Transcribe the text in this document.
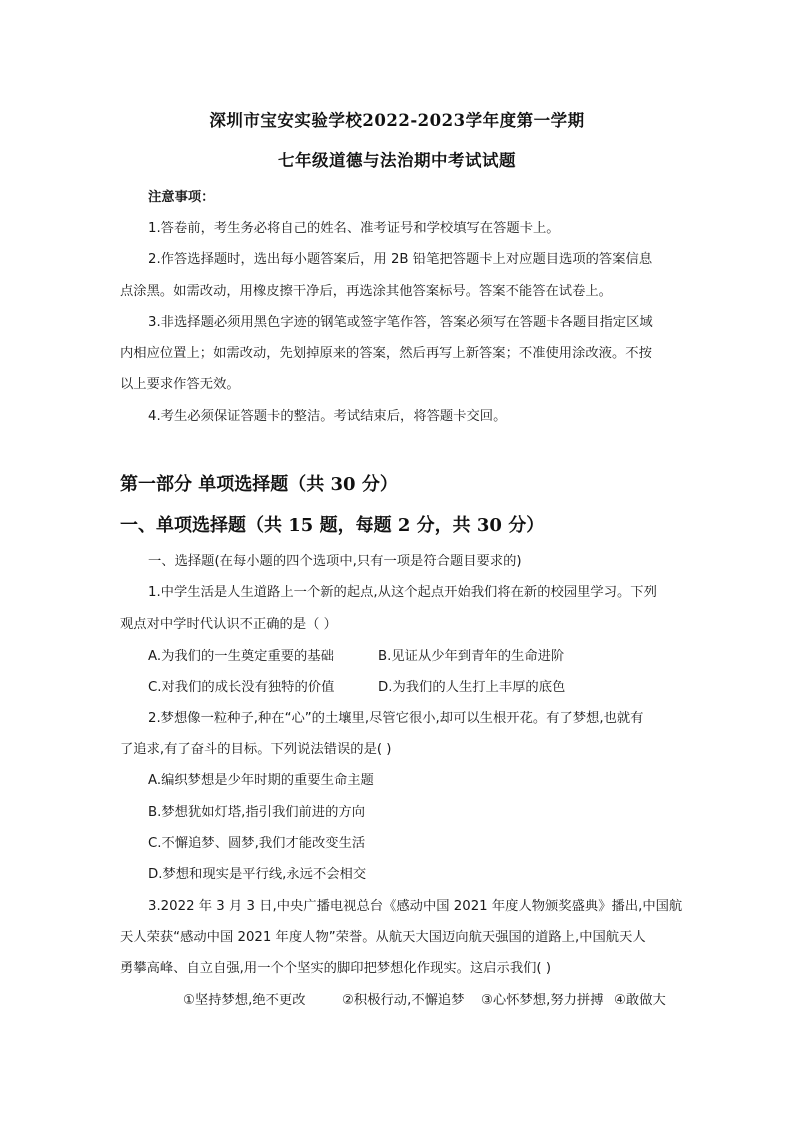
深圳市宝安实验学校2022-2023学年度第一学期
七年级道德与法治期中考试试题
注意事项：
1.答卷前，考生务必将自己的姓名、准考证号和学校填写在答题卡上。
2.作答选择题时，选出每小题答案后，用 2B 铅笔把答题卡上对应题目选项的答案信息
点涂黑。如需改动，用橡皮擦干净后，再选涂其他答案标号。答案不能答在试卷上。
3.非选择题必须用黑色字迹的钢笔或签字笔作答，答案必须写在答题卡各题目指定区域
内相应位置上；如需改动，先划掉原来的答案，然后再写上新答案；不准使用涂改液。不按
以上要求作答无效。
4.考生必须保证答题卡的整洁。考试结束后，将答题卡交回。
第一部分 单项选择题（共 30 分）
一、单项选择题（共 15 题，每题 2 分，共 30 分）
一、选择题(在每小题的四个选项中,只有一项是符合题目要求的)
1.中学生活是人生道路上一个新的起点,从这个起点开始我们将在新的校园里学习。下列
观点对中学时代认识不正确的是（ ）
A.为我们的一生奠定重要的基础	B.见证从少年到青年的生命进阶
C.对我们的成长没有独特的价值	D.为我们的人生打上丰厚的底色
2.梦想像一粒种子,种在“心”的土壤里,尽管它很小,却可以生根开花。有了梦想,也就有
了追求,有了奋斗的目标。下列说法错误的是( )
A.编织梦想是少年时期的重要生命主题
B.梦想犹如灯塔,指引我们前进的方向
C.不懈追梦、圆梦,我们才能改变生活
D.梦想和现实是平行线,永远不会相交
3.2022 年 3 月 3 日,中央广播电视总台《感动中国 2021 年度人物颁奖盛典》播出,中国航
天人荣获“感动中国 2021 年度人物”荣誉。从航天大国迈向航天强国的道路上,中国航天人
勇攀高峰、自立自强,用一个个坚实的脚印把梦想化作现实。这启示我们( )
①坚持梦想,绝不更改	②积极行动,不懈追梦 ③心怀梦想,努力拼搏 ④敢做大
